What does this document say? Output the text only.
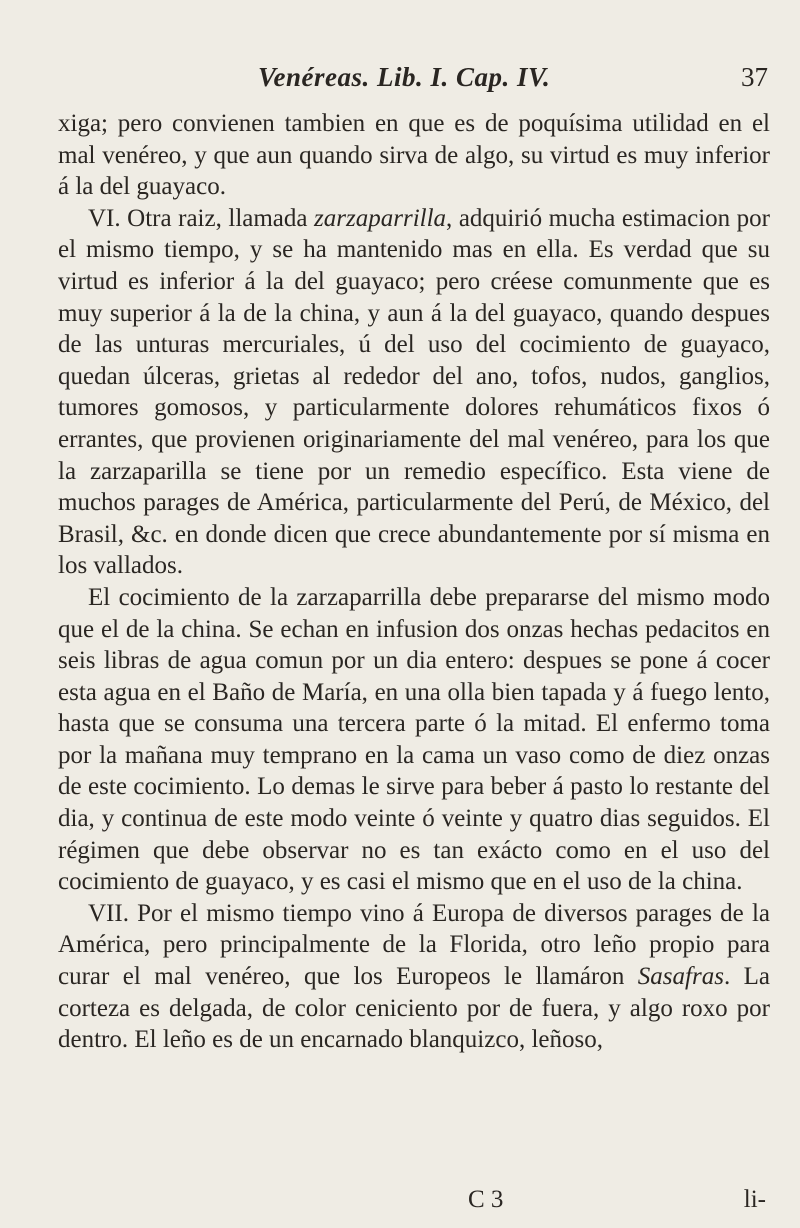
Venéreas. Lib. I. Cap. IV.	37

xiga; pero convienen tambien en que es de poquísima utilidad en el mal venéreo, y que aun quando sirva de algo, su virtud es muy inferior á la del guayaco.

VI. Otra raiz, llamada zarzaparrilla, adquirió mucha estimacion por el mismo tiempo, y se ha mantenido mas en ella. Es verdad que su virtud es inferior á la del guayaco; pero créese comunmente que es muy superior á la de la china, y aun á la del guayaco, quando despues de las unturas mercuriales, ú del uso del cocimiento de guayaco, quedan úlceras, grietas al rededor del ano, tofos, nudos, ganglios, tumores gomosos, y particularmente dolores rehumáticos fixos ó errantes, que provienen originariamente del mal venéreo, para los que la zarzaparilla se tiene por un remedio específico. Esta viene de muchos parages de América, particularmente del Perú, de México, del Brasil, &c. en donde dicen que crece abundantemente por sí misma en los vallados.

El cocimiento de la zarzaparrilla debe prepararse del mismo modo que el de la china. Se echan en infusion dos onzas hechas pedacitos en seis libras de agua comun por un dia entero: despues se pone á cocer esta agua en el Baño de María, en una olla bien tapada y á fuego lento, hasta que se consuma una tercera parte ó la mitad. El enfermo toma por la mañana muy temprano en la cama un vaso como de diez onzas de este cocimiento. Lo demas le sirve para beber á pasto lo restante del dia, y continua de este modo veinte ó veinte y quatro dias seguidos. El régimen que debe observar no es tan exácto como en el uso del cocimiento de guayaco, y es casi el mismo que en el uso de la china.

VII. Por el mismo tiempo vino á Europa de diversos parages de la América, pero principalmente de la Florida, otro leño propio para curar el mal venéreo, que los Europeos le llamáron Sasafras. La corteza es delgada, de color ceniciento por de fuera, y algo roxo por dentro. El leño es de un encarnado blanquizco, leñoso,

C 3	li-
